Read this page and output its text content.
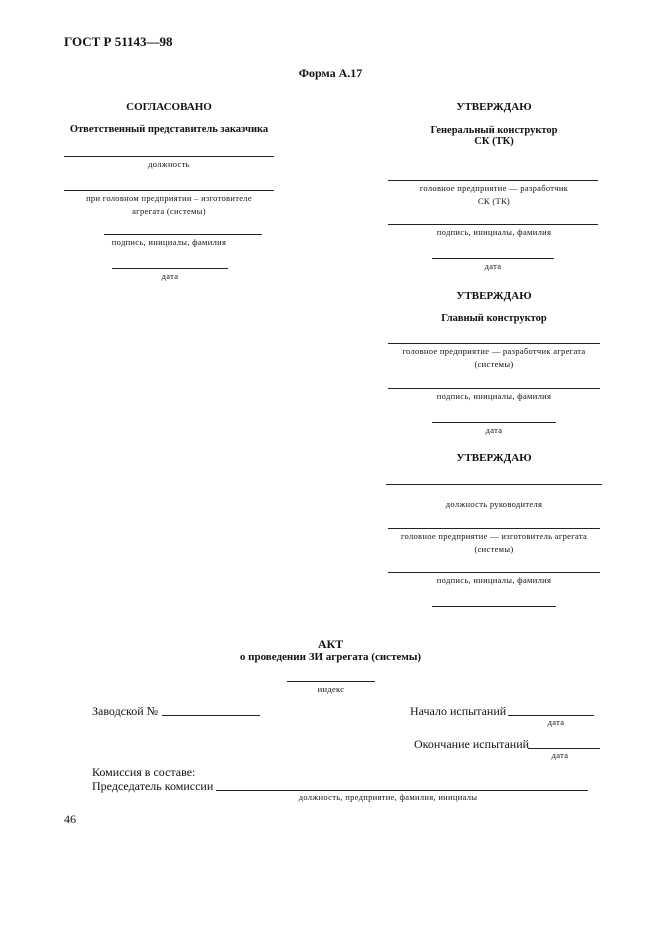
ГОСТ Р 51143—98
Форма А.17
СОГЛАСОВАНО
Ответственный представитель заказчика
должность
при головном предприятии – изготовителе
агрегата (системы)
подпись, инициалы, фамилия
дата
УТВЕРЖДАЮ
Генеральный конструктор
СК (ТК)
головное предприятие — разработчик
СК (ТК)
подпись, инициалы, фамилия
дата
УТВЕРЖДАЮ
Главный конструктор
головное предприятие — разработчик агрегата
(системы)
подпись, инициалы, фамилия
дата
УТВЕРЖДАЮ
должность руководителя
головное предприятие — изготовитель агрегата
(системы)
подпись, инициалы, фамилия
АКТ
о проведении ЗИ агрегата (системы)
индекс
Заводской №	Начало испытаний
дата
Окончание испытаний
дата
Комиссия в составе:
Председатель комиссии
должность, предприятие, фамилия, инициалы
46
